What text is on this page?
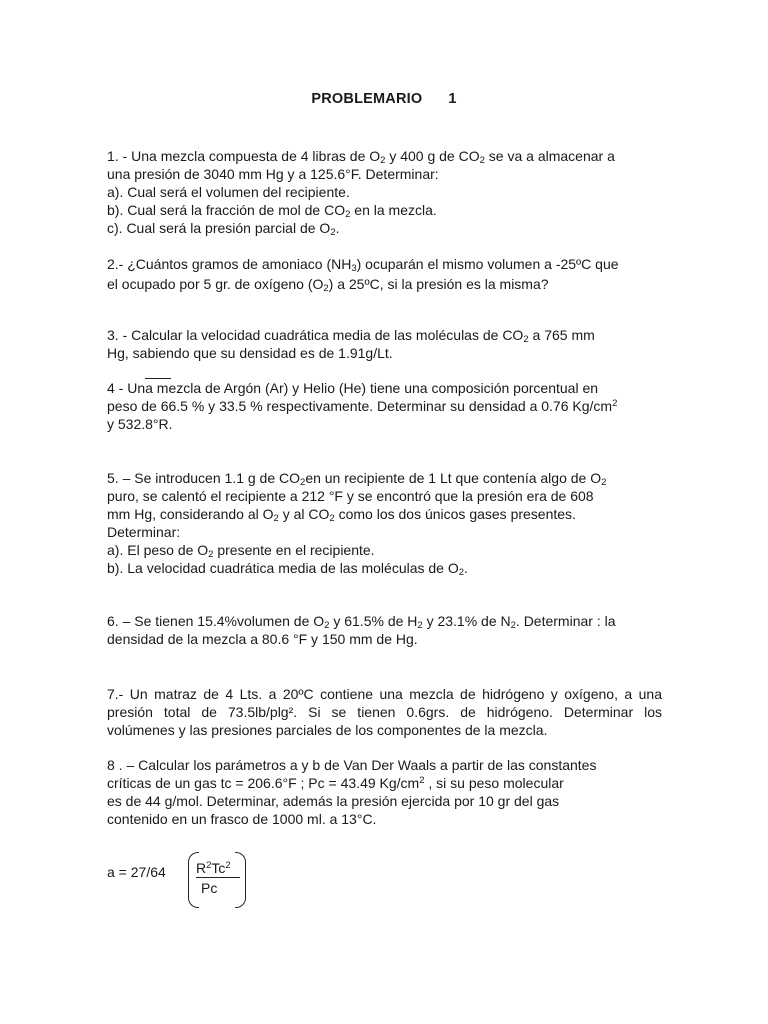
PROBLEMARIO 1
1. - Una mezcla compuesta de 4 libras de $O_2$ y 400 g de $CO_2$ se va a almacenar a
una presión de 3040 mm Hg y a 125.6°F. Determinar:
a). Cual será el volumen del recipiente.
b). Cual será la fracción de mol de $CO_2$ en la mezcla.
c). Cual será la presión parcial de $O_2$.
2.- ¿Cuántos gramos de amoniaco $(NH_3)$ ocuparán el mismo volumen a -25ºC que
el ocupado por 5 gr. de oxígeno $(O_2)$ a 25ºC, si la presión es la misma?
3. - Calcular la velocidad cuadrática media de las moléculas de $CO_2$ a 765 mm
Hg, sabiendo que su densidad es de 1.91g/Lt.
4 - Una mezcla de Argón (Ar) y Helio (He) tiene una composición porcentual en
peso de 66.5 % y 33.5 % respectivamente. Determinar su densidad a 0.76 $Kg/cm^2$
y 532.8°R.
5. – Se introducen 1.1 g de $CO_2en$ un recipiente de 1 Lt que contenía algo de $O_2$
puro, se calentó el recipiente a 212 °F y se encontró que la presión era de 608
mm Hg, considerando al $O_2$ y al $CO_2$ como los dos únicos gases presentes.
Determinar:
a). El peso de $O_2$ presente en el recipiente.
b). La velocidad cuadrática media de las moléculas de $O_2$.
6. – Se tienen 15.4%volumen de $O_2$ y 61.5% de $H_2$ y 23.1% de $N_2$. Determinar : la
densidad de la mezcla a 80.6 °F y 150 mm de Hg.
7.- Un matraz de 4 Lts. a 20ºC contiene una mezcla de hidrógeno y oxígeno, a una
presión total de 73.5lb/plg². Si se tienen 0.6grs. de hidrógeno. Determinar los
volúmenes y las presiones parciales de los componentes de la mezcla.
8 . – Calcular los parámetros a y b de Van Der Waals a partir de las constantes
críticas de un gas tc = 206.6°F ; Pc = 43.49 $Kg/cm^2$ , si su peso molecular
es de 44 g/mol. Determinar, además la presión ejercida por 10 gr del gas
contenido en un frasco de 1000 ml. a 13°C.
a = 27/64 $R^2Tc^2$
Pc
